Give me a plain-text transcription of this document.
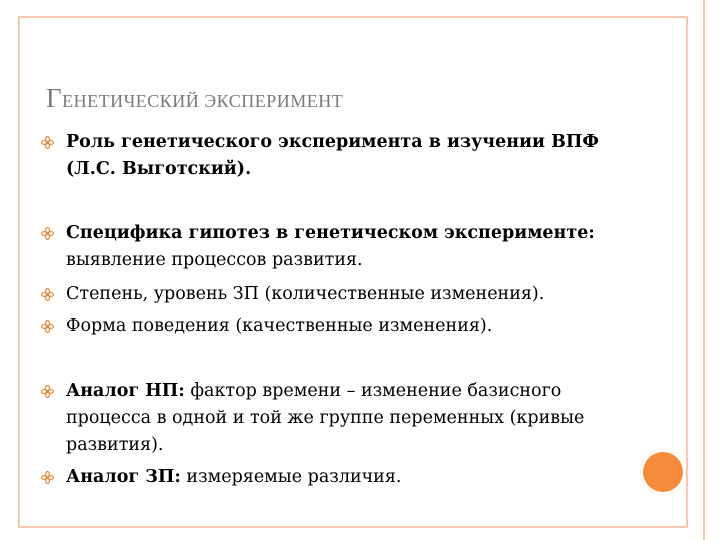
ГЕНЕТИЧЕСКИЙ ЭКСПЕРИМЕНТ
Роль генетического эксперимента в изучении ВПФ (Л.С. Выготский).
Специфика гипотез в генетическом эксперименте: выявление процессов развития.
Степень, уровень ЗП (количественные изменения).
Форма поведения (качественные изменения).
Аналог НП: фактор времени – изменение базисного процесса в одной и той же группе переменных (кривые развития).
Аналог ЗП: измеряемые различия.
